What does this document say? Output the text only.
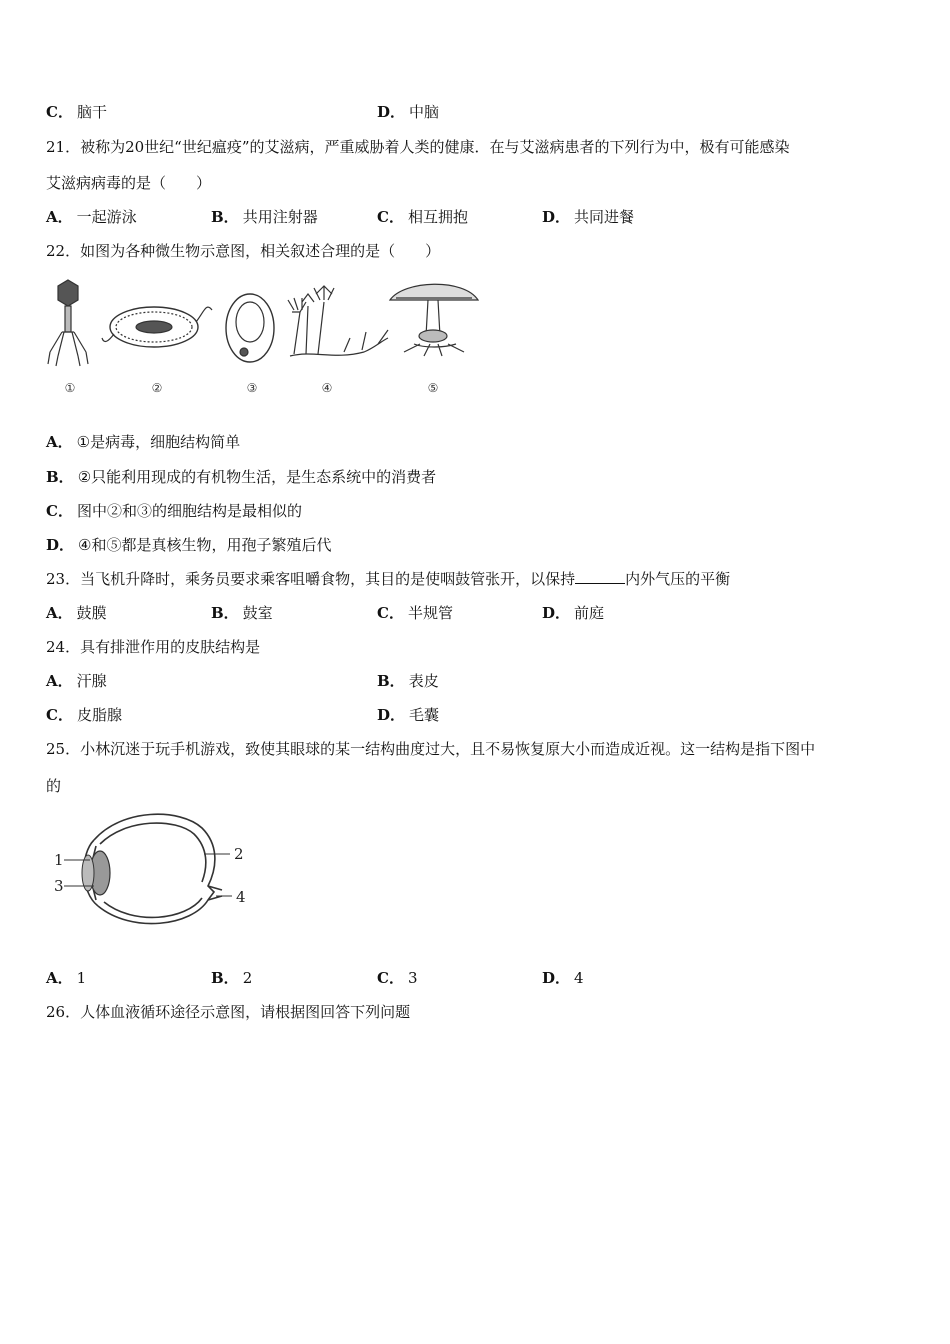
C． 脑干	D． 中脑
21．被称为20世纪“世纪瘟疫”的艾滋病，严重威胁着人类的健康．在与艾滋病患者的下列行为中，极有可能感染
艾滋病病毒的是（　　）
A． 一起游泳	B． 共用注射器	C． 相互拥抱	D． 共同进餐
22．如图为各种微生物示意图，相关叙述合理的是（　　）
①	②	③	④	⑤
A． ①是病毒，细胞结构简单
B． ②只能利用现成的有机物生活，是生态系统中的消费者
C． 图中②和③的细胞结构是最相似的
D． ④和⑤都是真核生物，用孢子繁殖后代
23．当飞机升降时，乘务员要求乘客咀嚼食物，其目的是使咽鼓管张开，以保持	内外气压的平衡
A． 鼓膜	B． 鼓室	C． 半规管	D． 前庭
24．具有排泄作用的皮肤结构是
A． 汗腺	B． 表皮
C． 皮脂腺	D． 毛囊
25．小林沉迷于玩手机游戏，致使其眼球的某一结构曲度过大，且不易恢复原大小而造成近视。这一结构是指下图中
的
1	2
3
4
A． 1	B． 2	C． 3	D． 4
26．人体血液循环途径示意图，请根据图回答下列问题
